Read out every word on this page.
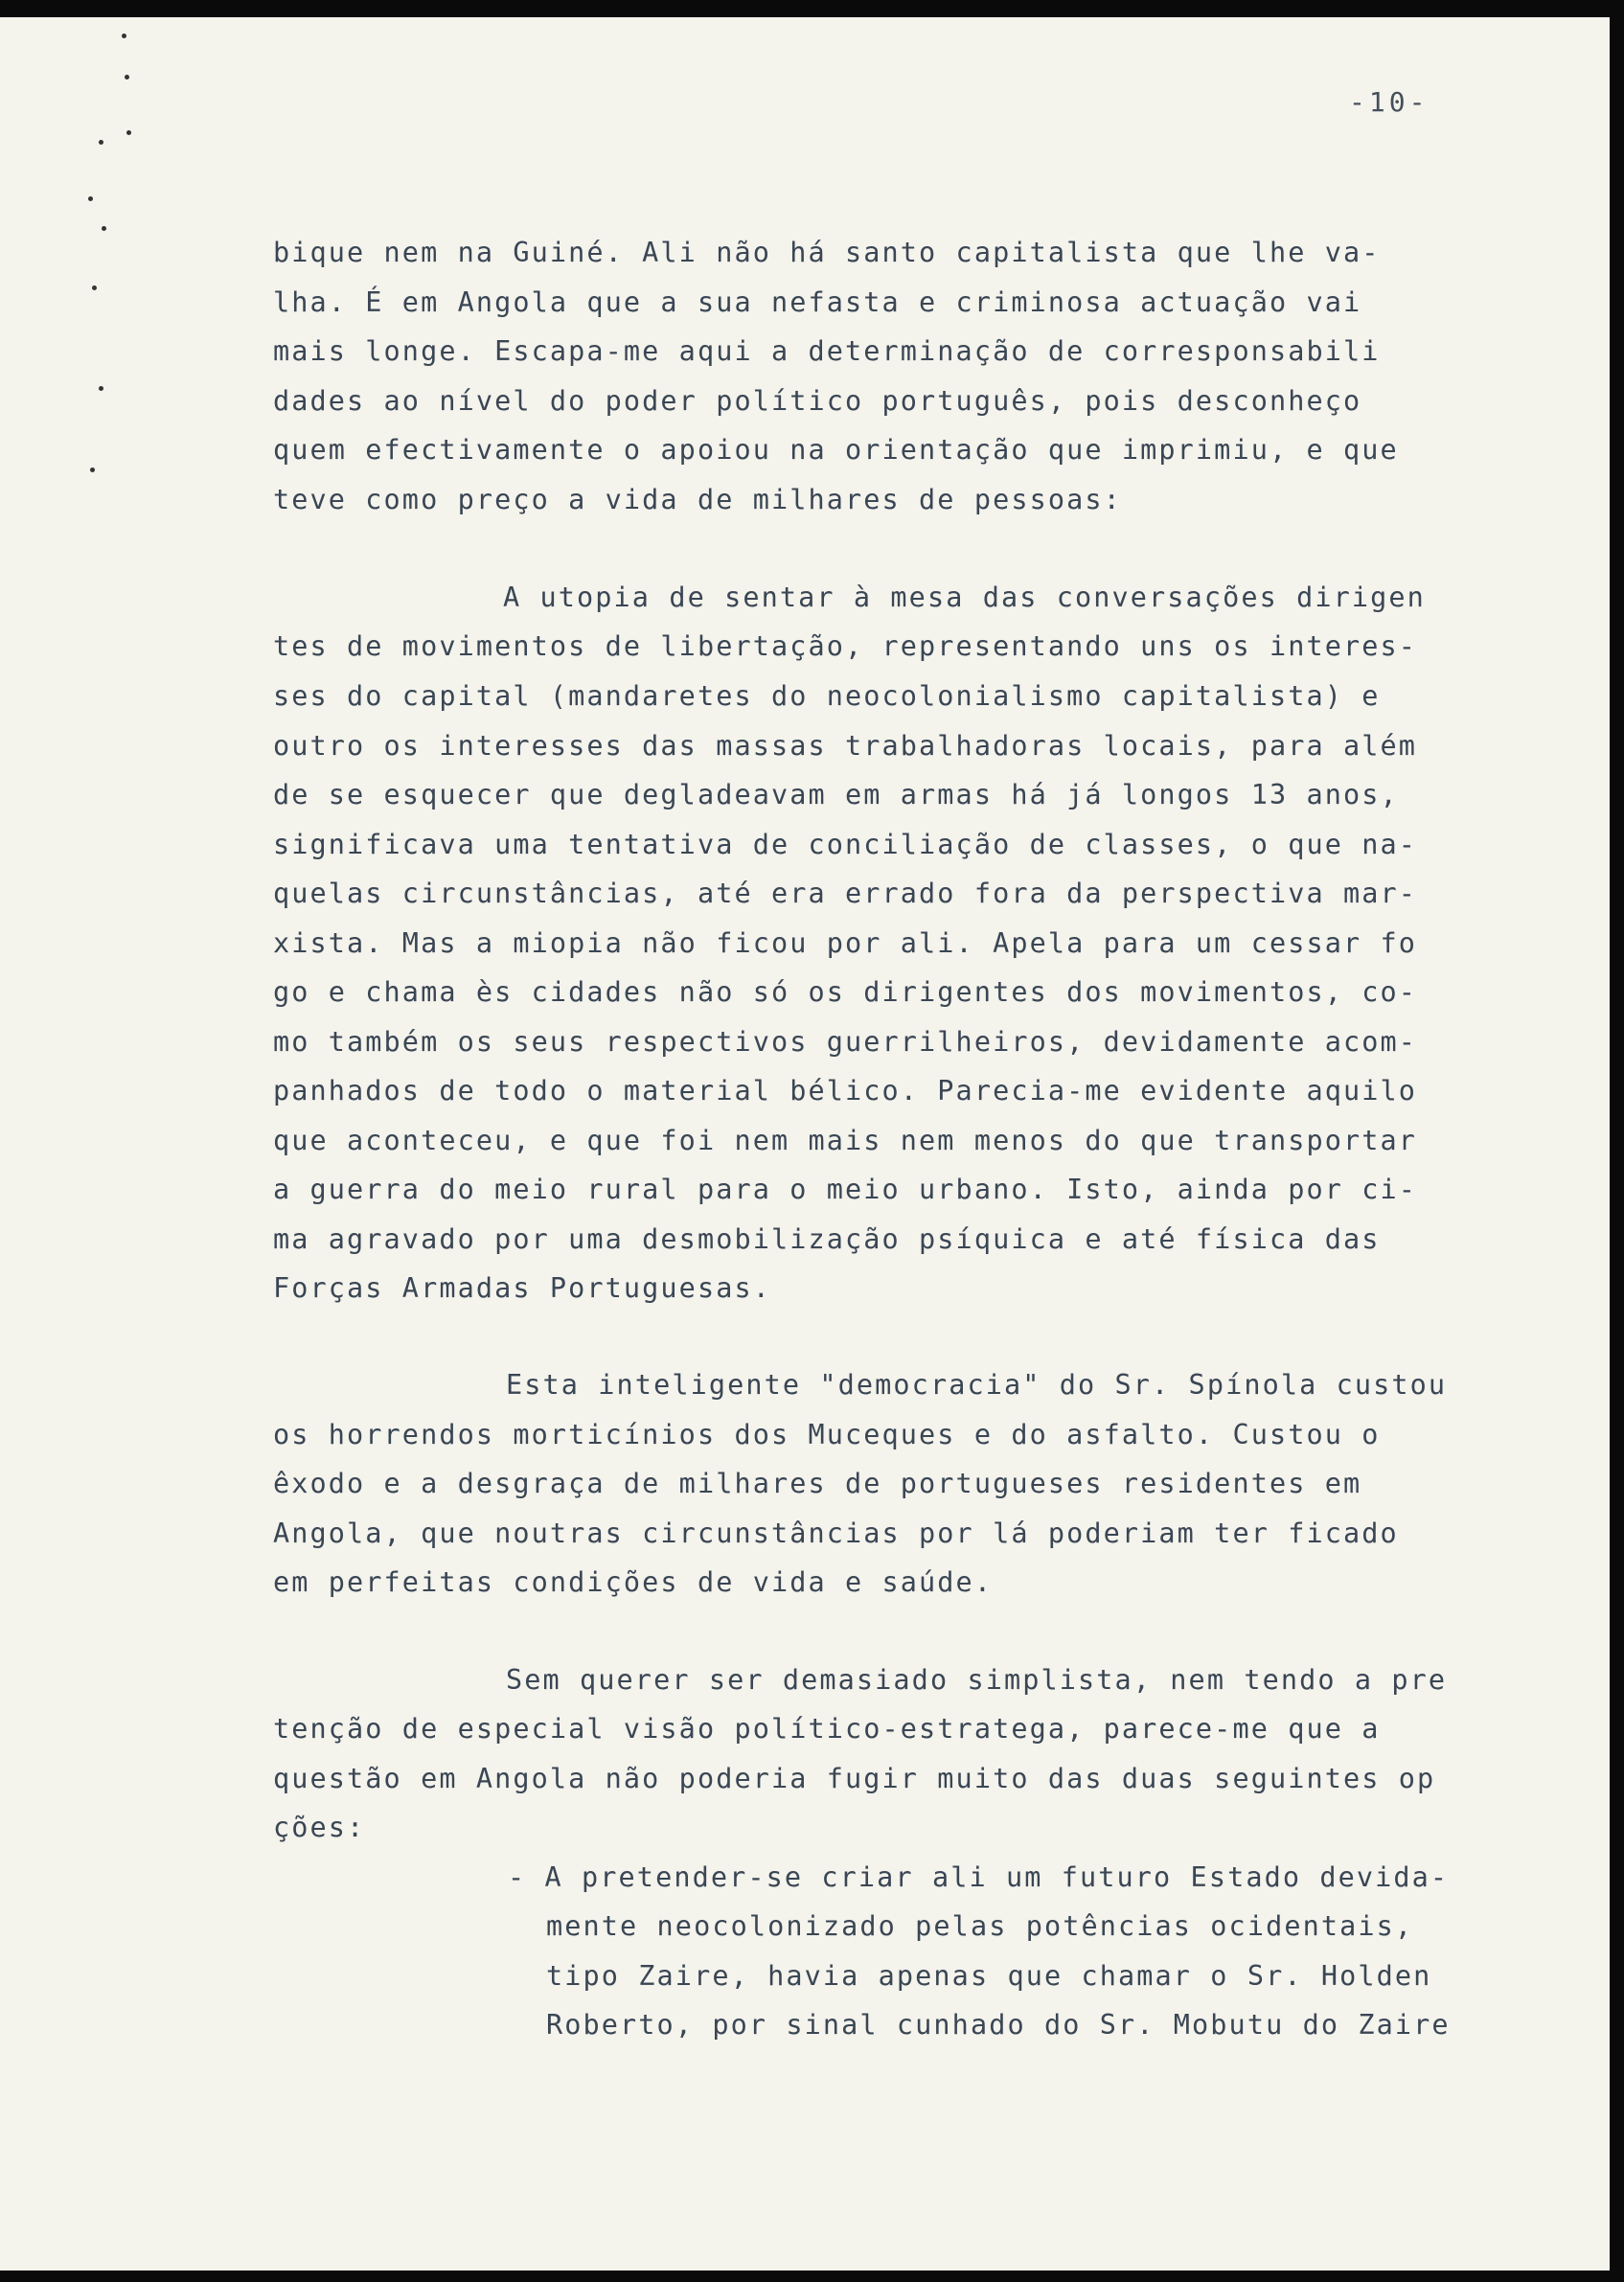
-10-

bique nem na Guiné. Ali não há santo capitalista que lhe va-

lha. É em Angola que a sua nefasta e criminosa actuação vai

mais longe. Escapa-me aqui a determinação de corresponsabili

dades ao nível do poder político português, pois desconheço

quem efectivamente o apoiou na orientação que imprimiu, e que

teve como preço a vida de milhares de pessoas:

A utopia de sentar à mesa das conversações dirigen

tes de movimentos de libertação, representando uns os interes-

ses do capital (mandaretes do neocolonialismo capitalista) e

outro os interesses das massas trabalhadoras locais, para além

de se esquecer que degladeavam em armas há já longos 13 anos,

significava uma tentativa de conciliação de classes, o que na-

quelas circunstâncias, até era errado fora da perspectiva mar-

xista. Mas a miopia não ficou por ali. Apela para um cessar fo

go e chama ès cidades não só os dirigentes dos movimentos, co-

mo também os seus respectivos guerrilheiros, devidamente acom-

panhados de todo o material bélico. Parecia-me evidente aquilo

que aconteceu, e que foi nem mais nem menos do que transportar

a guerra do meio rural para o meio urbano. Isto, ainda por ci-

ma agravado por uma desmobilização psíquica e até física das

Forças Armadas Portuguesas.

Esta inteligente "democracia" do Sr. Spínola custou

os horrendos morticínios dos Muceques e do asfalto. Custou o

êxodo e a desgraça de milhares de portugueses residentes em

Angola, que noutras circunstâncias por lá poderiam ter ficado

em perfeitas condições de vida e saúde.

Sem querer ser demasiado simplista, nem tendo a pre

tenção de especial visão político-estratega, parece-me que a

questão em Angola não poderia fugir muito das duas seguintes op

ções:

- A pretender-se criar ali um futuro Estado devida-

mente neocolonizado pelas potências ocidentais,

tipo Zaire, havia apenas que chamar o Sr. Holden

Roberto, por sinal cunhado do Sr. Mobutu do Zaire
